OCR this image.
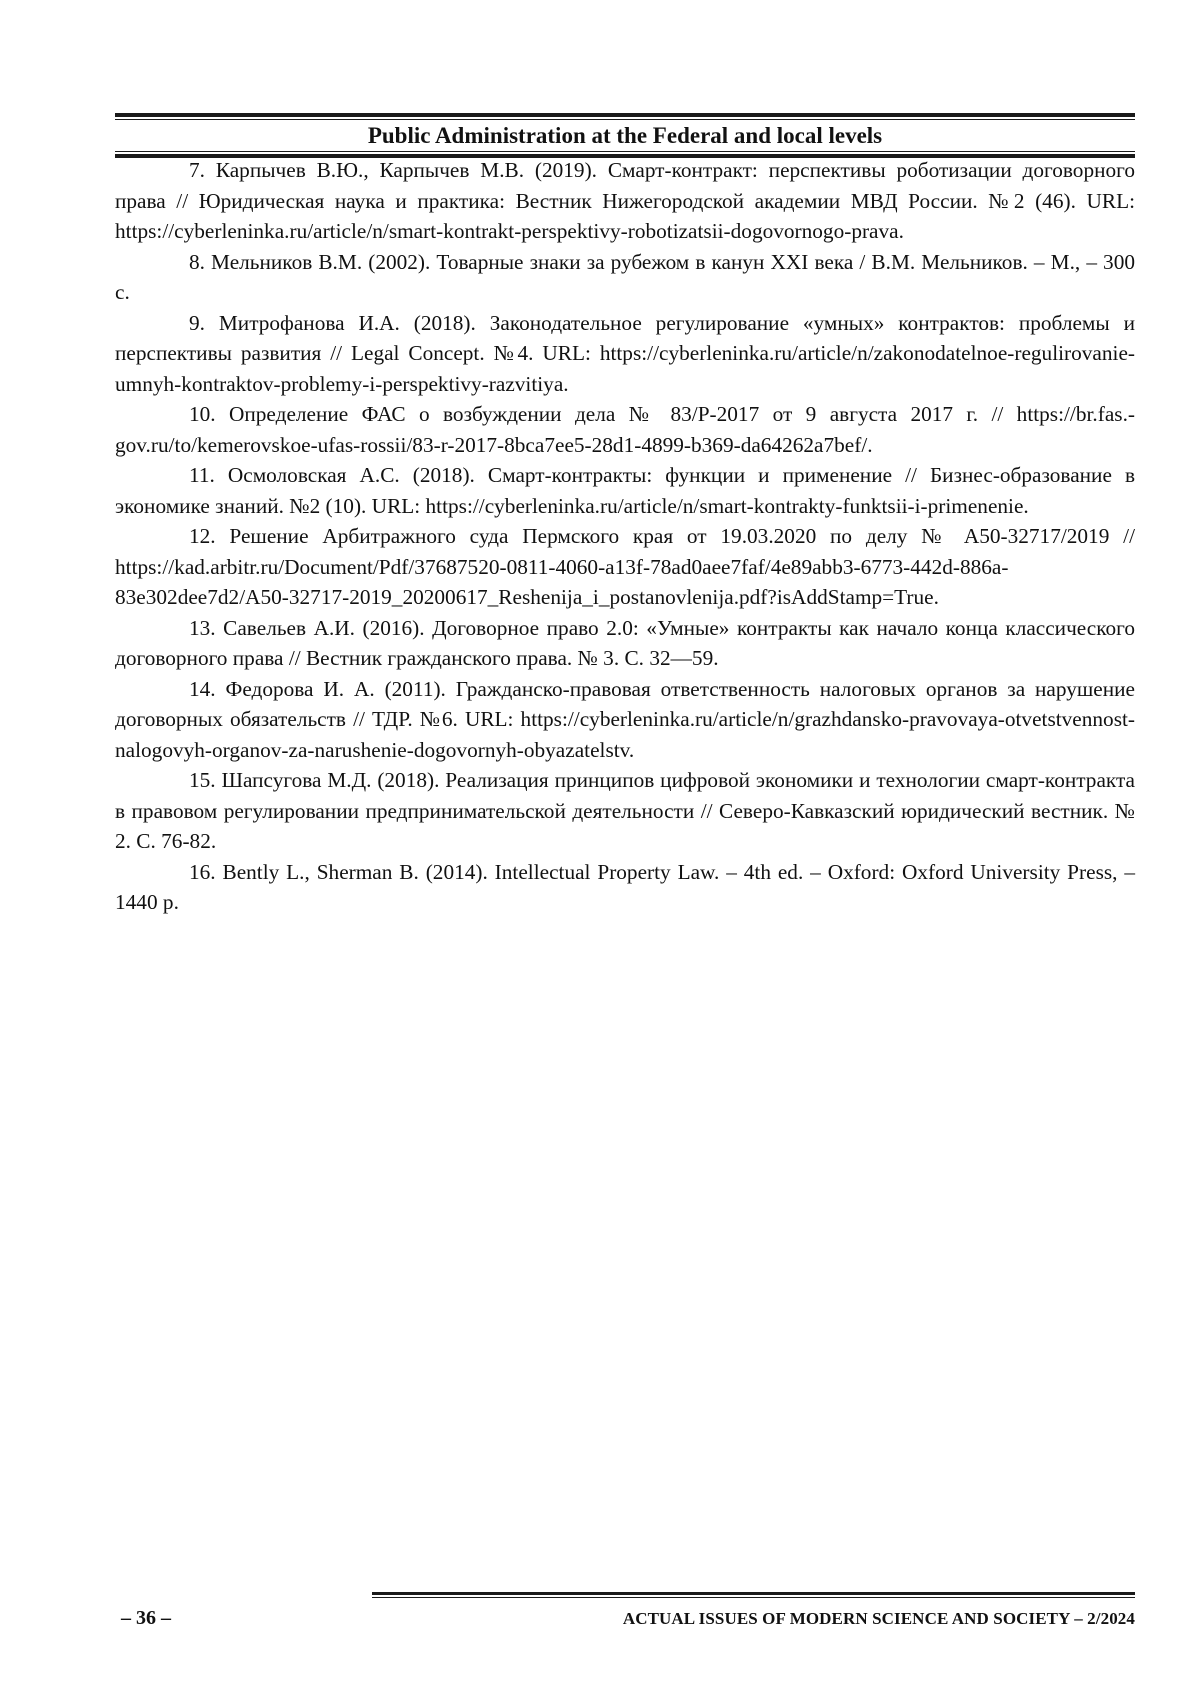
Public Administration at the Federal and local levels

7. Карпычев В.Ю., Карпычев М.В. (2019). Смарт-контракт: перспективы роботизации договорного права // Юридическая наука и практика: Вестник Нижегородской академии МВД России. №2 (46). URL: https://cyberleninka.ru/article/n/smart-kontrakt-perspektivy-robotizatsii-dogovornogo-prava.

8. Мельников В.М. (2002). Товарные знаки за рубежом в канун XXI века / В.М. Мельников. – М., – 300 с.

9. Митрофанова И.А. (2018). Законодательное регулирование «умных» контрактов: проблемы и перспективы развития // Legal Concept. №4. URL: https://cyberleninka.ru/article/n/zakonodatelnoe-regulirovanie-umnyh-kontraktov-problemy-i-perspektivy-razvitiya.

10. Определение ФАС о возбуждении дела № 83/Р-2017 от 9 августа 2017 г. // https://br.fas.gov.ru/to/kemerovskoe-ufas-rossii/83-r-2017-8bca7ee5-28d1-4899-b369-da64262a7bef/.

11. Осмоловская А.С. (2018). Смарт-контракты: функции и применение // Бизнес-образование в экономике знаний. №2 (10). URL: https://cyberleninka.ru/article/n/smart-kontrakty-funktsii-i-primenenie.

12. Решение Арбитражного суда Пермского края от 19.03.2020 по делу № А50-32717/2019 // https://kad.arbitr.ru/Document/Pdf/37687520-0811-4060-a13f-78ad0aee7faf/4e89abb3-6773-442d-886a-83e302dee7d2/A50-32717-2019_20200617_Reshenija_i_postanovlenija.pdf?isAddStamp=True.

13. Савельев А.И. (2016). Договорное право 2.0: «Умные» контракты как начало конца классического договорного права // Вестник гражданского права. № 3. С. 32—59.

14. Федорова И. А. (2011). Гражданско-правовая ответственность налоговых органов за нарушение договорных обязательств // ТДР. №6. URL: https://cyberleninka.ru/article/n/grazhdansko-pravovaya-otvetstvennost-nalogovyh-organov-za-narushenie-dogovornyh-obyazatelstv.

15. Шапсугова М.Д. (2018). Реализация принципов цифровой экономики и технологии смарт-контракта в правовом регулировании предпринимательской деятельности // Северо-Кавказский юридический вестник. № 2. С. 76-82.

16. Bently L., Sherman B. (2014). Intellectual Property Law. – 4th ed. – Oxford: Oxford University Press, – 1440 p.

– 36 –	ACTUAL ISSUES OF MODERN SCIENCE AND SOCIETY – 2/2024
